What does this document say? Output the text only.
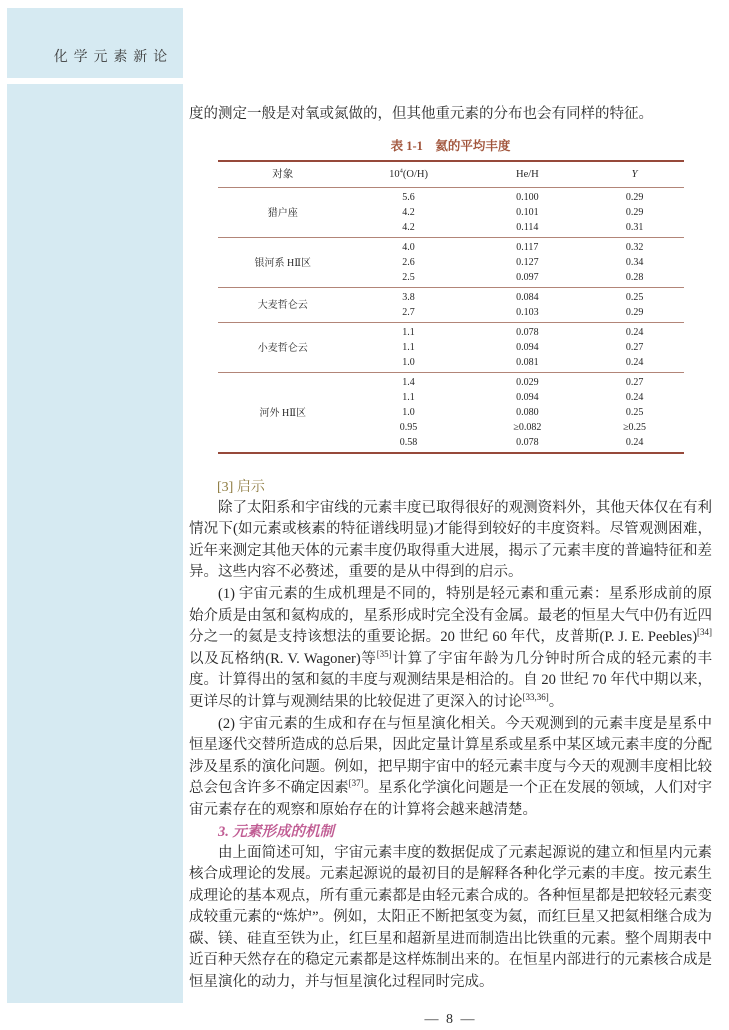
化学元素新论

度的测定一般是对氧或氮做的，但其他重元素的分布也会有同样的特征。

表 1-1　氦的平均丰度
对象	$10^4(O/H)$	He/H	Y
猎户座	5.6	0.100	0.29
	4.2	0.101	0.29
	4.2	0.114	0.31
银河系 HⅡ区	4.0	0.117	0.32
	2.6	0.127	0.34
	2.5	0.097	0.28
大麦哲仑云	3.8	0.084	0.25
	2.7	0.103	0.29
小麦哲仑云	1.1	0.078	0.24
	1.1	0.094	0.27
	1.0	0.081	0.24
河外 HⅡ区	1.4	0.029	0.27
	1.1	0.094	0.24
	1.0	0.080	0.25
	0.95	≥0.082	≥0.25
	0.58	0.078	0.24

[3] 启示

除了太阳系和宇宙线的元素丰度已取得很好的观测资料外，其他天体仅在有利情况下(如元素或核素的特征谱线明显)才能得到较好的丰度资料。尽管观测困难，近年来测定其他天体的元素丰度仍取得重大进展，揭示了元素丰度的普遍特征和差异。这些内容不必赘述，重要的是从中得到的启示。

(1) 宇宙元素的生成机理是不同的，特别是轻元素和重元素：星系形成前的原始介质是由氢和氦构成的，星系形成时完全没有金属。最老的恒星大气中仍有近四分之一的氦是支持该想法的重要论据。20 世纪 60 年代，皮普斯(P. J. E. Peebles)[34]以及瓦格纳(R. V. Wagoner)等[35]计算了宇宙年龄为几分钟时所合成的轻元素的丰度。计算得出的氢和氦的丰度与观测结果是相洽的。自 20 世纪 70 年代中期以来，更详尽的计算与观测结果的比较促进了更深入的讨论[33,36]。

(2) 宇宙元素的生成和存在与恒星演化相关。今天观测到的元素丰度是星系中恒星逐代交替所造成的总后果，因此定量计算星系或星系中某区域元素丰度的分配涉及星系的演化问题。例如，把早期宇宙中的轻元素丰度与今天的观测丰度相比较总会包含许多不确定因素[37]。星系化学演化问题是一个正在发展的领域，人们对宇宙元素存在的观察和原始存在的计算将会越来越清楚。

3. 元素形成的机制

由上面简述可知，宇宙元素丰度的数据促成了元素起源说的建立和恒星内元素核合成理论的发展。元素起源说的最初目的是解释各种化学元素的丰度。按元素生成理论的基本观点，所有重元素都是由轻元素合成的。各种恒星都是把较轻元素变成较重元素的“炼炉”。例如，太阳正不断把氢变为氦，而红巨星又把氦相继合成为碳、镁、硅直至铁为止，红巨星和超新星进而制造出比铁重的元素。整个周期表中近百种天然存在的稳定元素都是这样炼制出来的。在恒星内部进行的元素核合成是恒星演化的动力，并与恒星演化过程同时完成。

— 8 —
